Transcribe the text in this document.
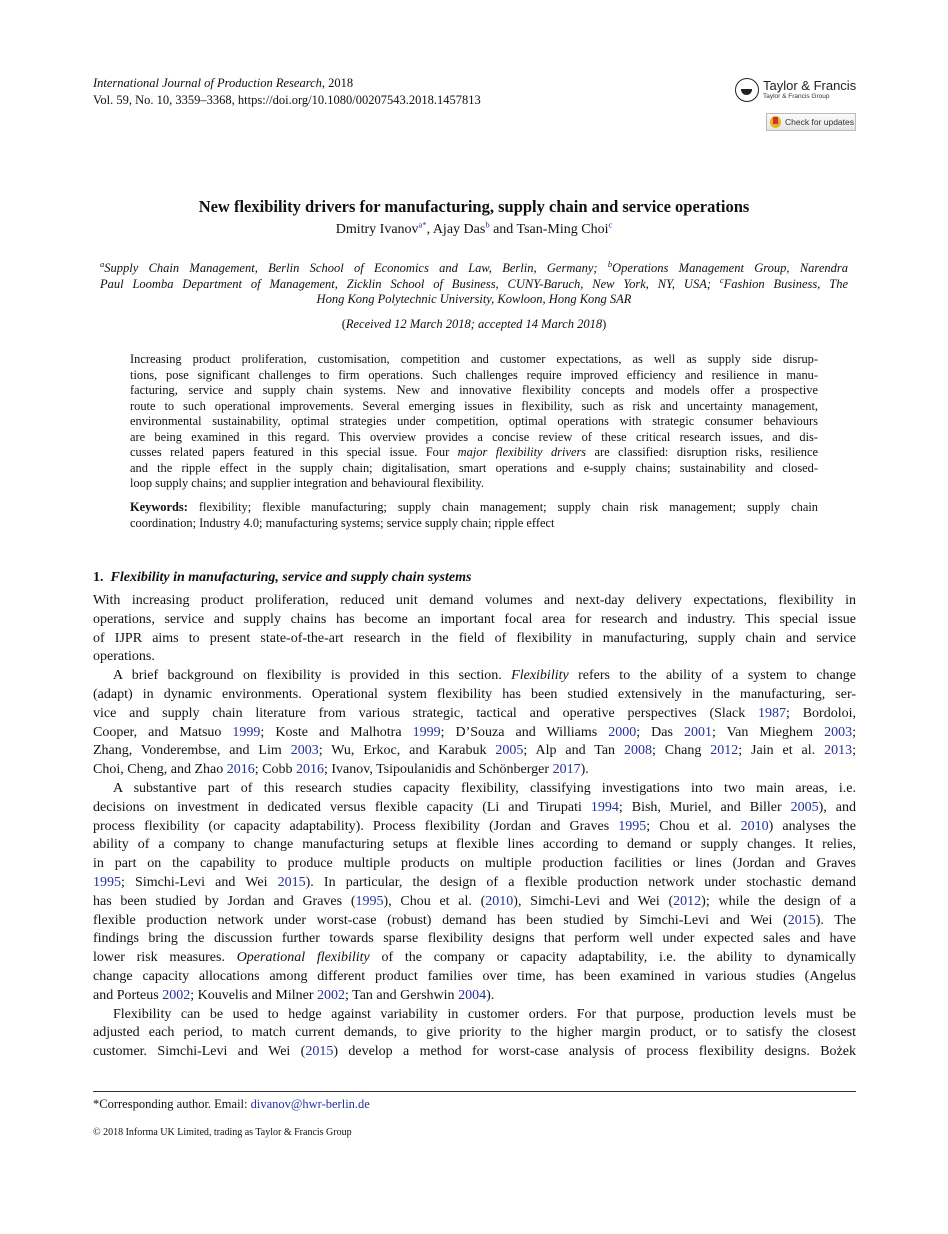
International Journal of Production Research, 2018
Vol. 59, No. 10, 3359–3368, https://doi.org/10.1080/00207543.2018.1457813
Taylor & Francis
Taylor & Francis Group
Check for updates
New flexibility drivers for manufacturing, supply chain and service operations
Dmitry Ivanov$^{a*}$, Ajay Das$^b$ and Tsan-Ming Choi$^c$
$^a$Supply Chain Management, Berlin School of Economics and Law, Berlin, Germany; $^b$Operations Management Group, Narendra
Paul Loomba Department of Management, Zicklin School of Business, CUNY-Baruch, New York, NY, USA; $^c$Fashion Business, The
Hong Kong Polytechnic University, Kowloon, Hong Kong SAR
(Received 12 March 2018; accepted 14 March 2018)
Increasing product proliferation, customisation, competition and customer expectations, as well as supply side disrup-
tions, pose significant challenges to firm operations. Such challenges require improved efficiency and resilience in manu-
facturing, service and supply chain systems. New and innovative flexibility concepts and models offer a prospective
route to such operational improvements. Several emerging issues in flexibility, such as risk and uncertainty management,
environmental sustainability, optimal strategies under competition, optimal operations with strategic consumer behaviours
are being examined in this regard. This overview provides a concise review of these critical research issues, and dis-
cusses related papers featured in this special issue. Four major flexibility drivers are classified: disruption risks, resilience
and the ripple effect in the supply chain; digitalisation, smart operations and e-supply chains; sustainability and closed-
loop supply chains; and supplier integration and behavioural flexibility.
Keywords: flexibility; flexible manufacturing; supply chain management; supply chain risk management; supply chain
coordination; Industry 4.0; manufacturing systems; service supply chain; ripple effect
1. Flexibility in manufacturing, service and supply chain systems
With increasing product proliferation, reduced unit demand volumes and next-day delivery expectations, flexibility in
operations, service and supply chains has become an important focal area for research and industry. This special issue
of IJPR aims to present state-of-the-art research in the field of flexibility in manufacturing, supply chain and service
operations.
A brief background on flexibility is provided in this section. Flexibility refers to the ability of a system to change
(adapt) in dynamic environments. Operational system flexibility has been studied extensively in the manufacturing, ser-
vice and supply chain literature from various strategic, tactical and operative perspectives (Slack 1987; Bordoloi,
Cooper, and Matsuo 1999; Koste and Malhotra 1999; D’Souza and Williams 2000; Das 2001; Van Mieghem 2003;
Zhang, Vonderembse, and Lim 2003; Wu, Erkoc, and Karabuk 2005; Alp and Tan 2008; Chang 2012; Jain et al. 2013;
Choi, Cheng, and Zhao 2016; Cobb 2016; Ivanov, Tsipoulanidis and Schönberger 2017).
A substantive part of this research studies capacity flexibility, classifying investigations into two main areas, i.e.
decisions on investment in dedicated versus flexible capacity (Li and Tirupati 1994; Bish, Muriel, and Biller 2005), and
process flexibility (or capacity adaptability). Process flexibility (Jordan and Graves 1995; Chou et al. 2010) analyses the
ability of a company to change manufacturing setups at flexible lines according to demand or supply changes. It relies,
in part on the capability to produce multiple products on multiple production facilities or lines (Jordan and Graves
1995; Simchi-Levi and Wei 2015). In particular, the design of a flexible production network under stochastic demand
has been studied by Jordan and Graves (1995), Chou et al. (2010), Simchi-Levi and Wei (2012); while the design of a
flexible production network under worst-case (robust) demand has been studied by Simchi-Levi and Wei (2015). The
findings bring the discussion further towards sparse flexibility designs that perform well under expected sales and have
lower risk measures. Operational flexibility of the company or capacity adaptability, i.e. the ability to dynamically
change capacity allocations among different product families over time, has been examined in various studies (Angelus
and Porteus 2002; Kouvelis and Milner 2002; Tan and Gershwin 2004).
Flexibility can be used to hedge against variability in customer orders. For that purpose, production levels must be
adjusted each period, to match current demands, to give priority to the higher margin product, or to satisfy the closest
customer. Simchi-Levi and Wei (2015) develop a method for worst-case analysis of process flexibility designs. Bożek
*Corresponding author. Email: divanov@hwr-berlin.de
© 2018 Informa UK Limited, trading as Taylor & Francis Group
